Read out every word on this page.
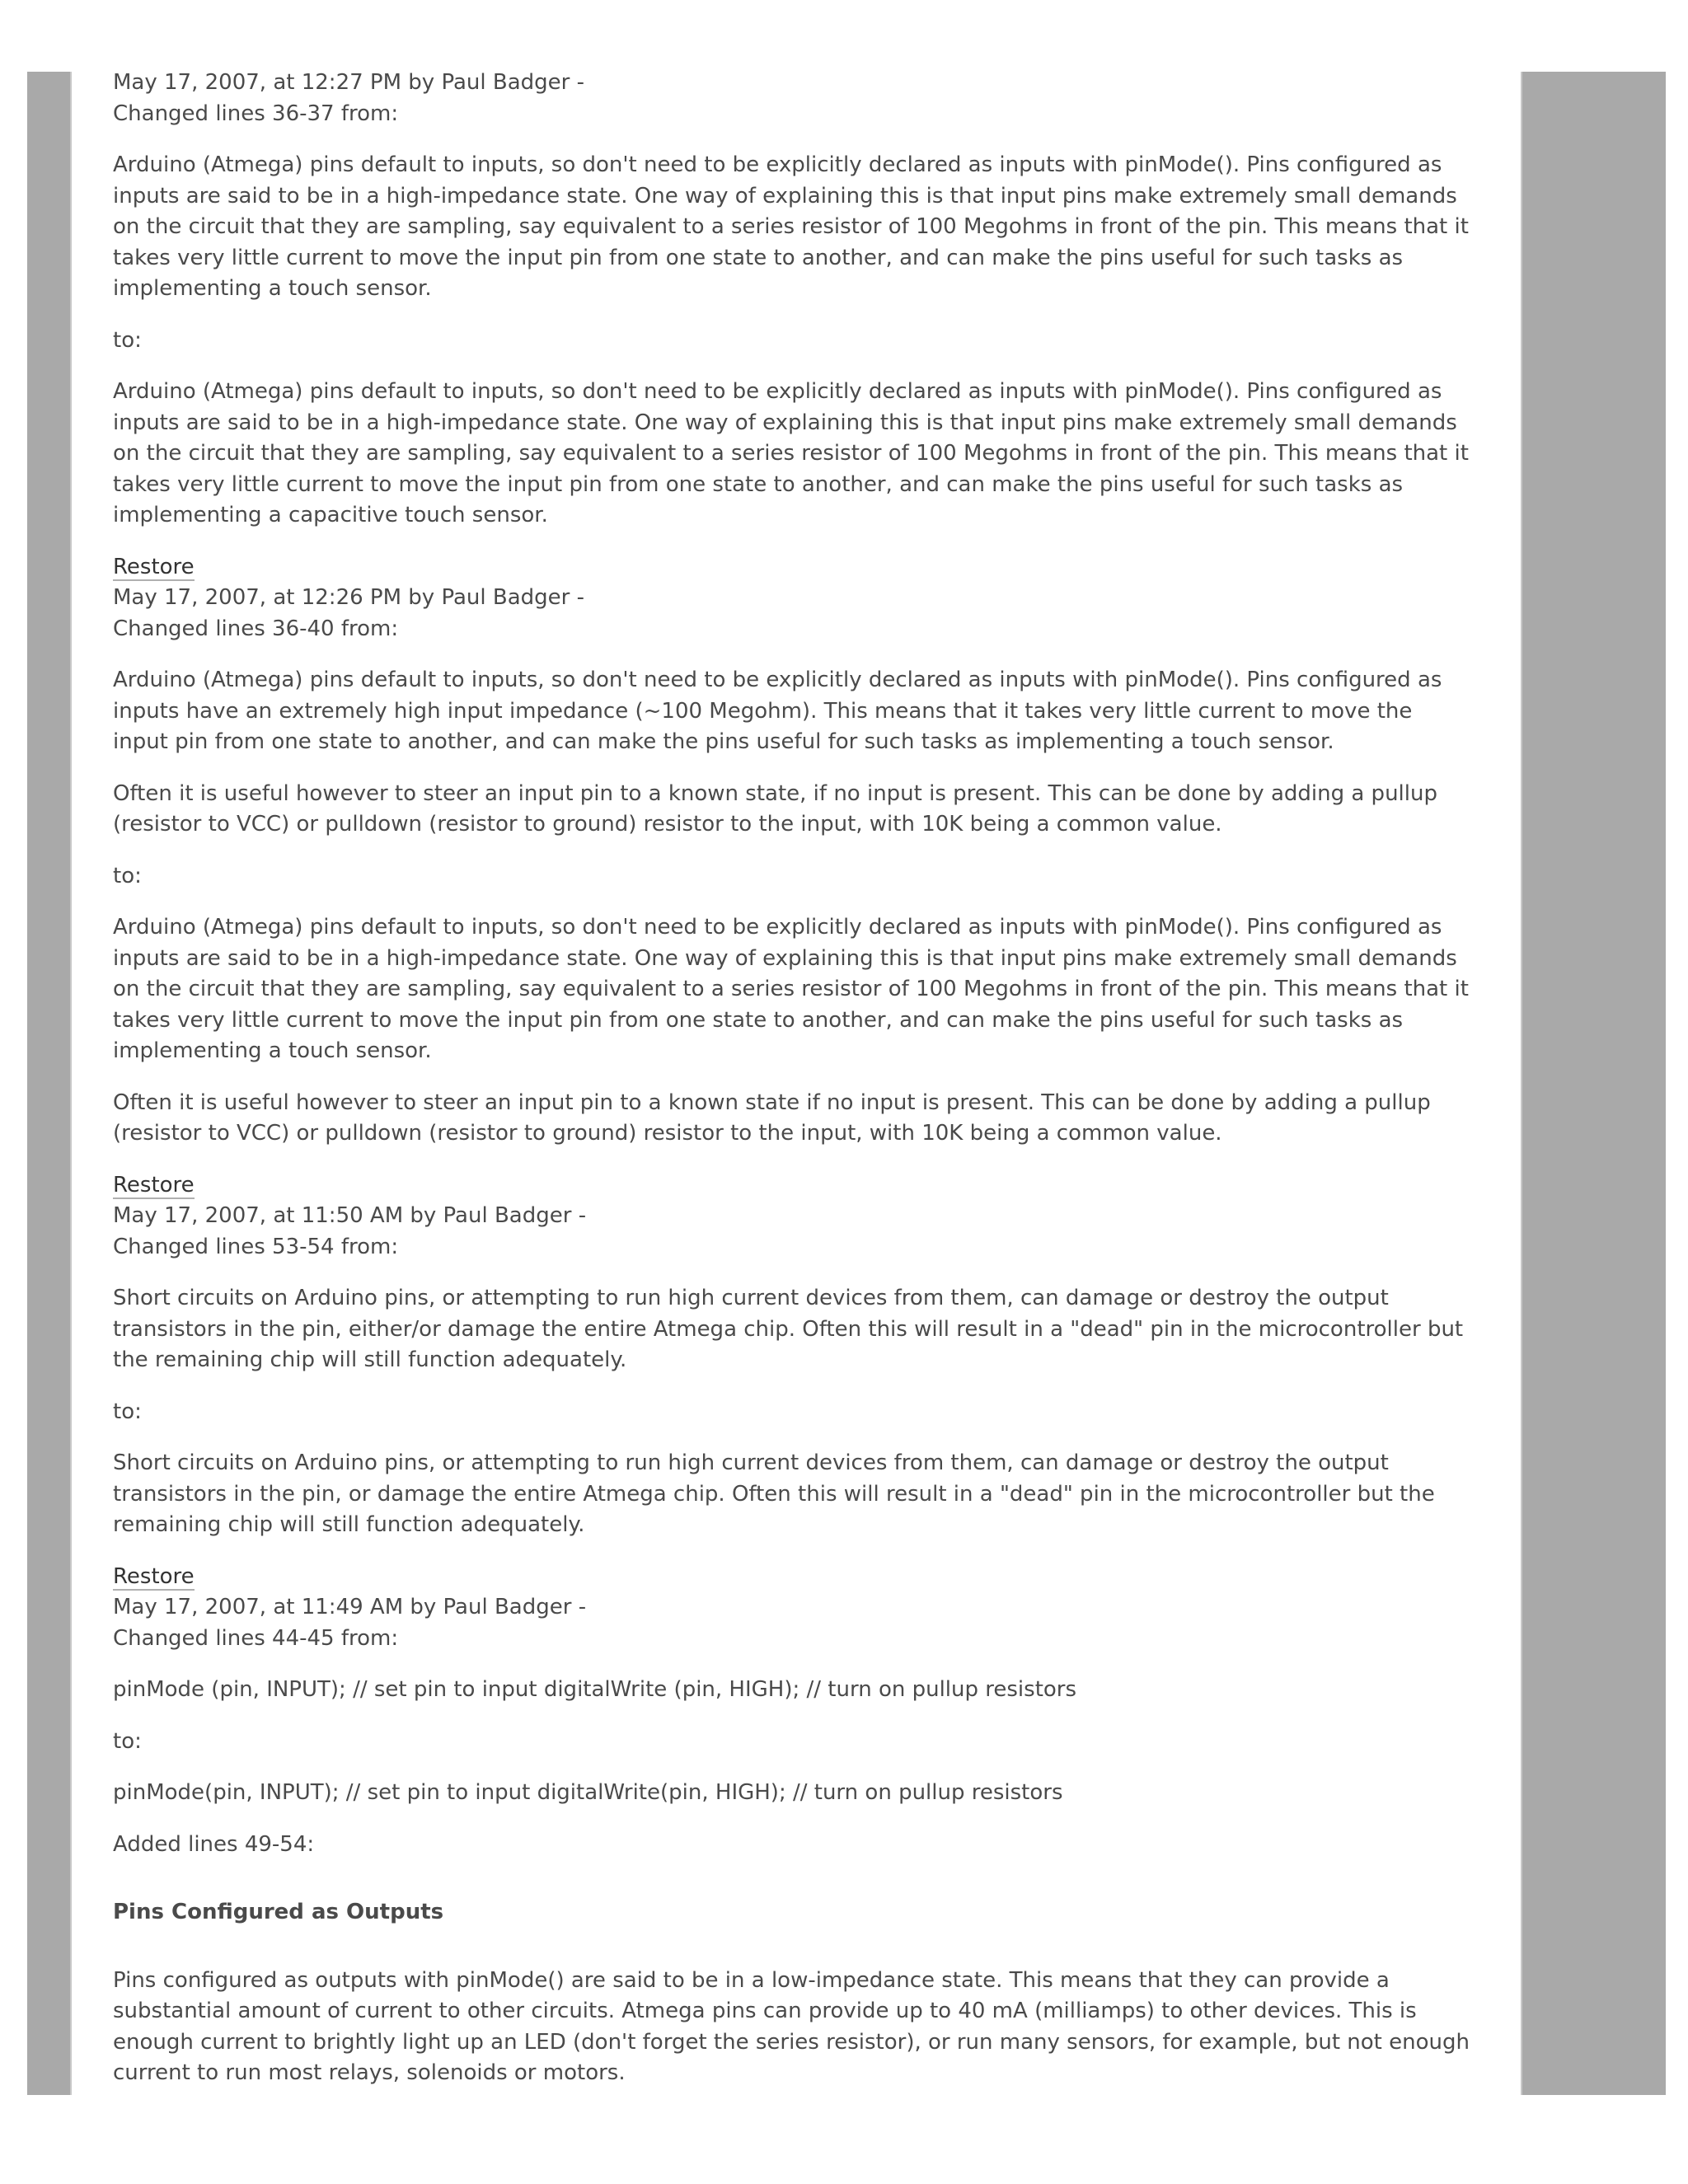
May 17, 2007, at 12:27 PM by Paul Badger -
Changed lines 36-37 from:

Arduino (Atmega) pins default to inputs, so don't need to be explicitly declared as inputs with pinMode(). Pins configured as inputs are said to be in a high-impedance state. One way of explaining this is that input pins make extremely small demands on the circuit that they are sampling, say equivalent to a series resistor of 100 Megohms in front of the pin. This means that it takes very little current to move the input pin from one state to another, and can make the pins useful for such tasks as implementing a touch sensor.

to:

Arduino (Atmega) pins default to inputs, so don't need to be explicitly declared as inputs with pinMode(). Pins configured as inputs are said to be in a high-impedance state. One way of explaining this is that input pins make extremely small demands on the circuit that they are sampling, say equivalent to a series resistor of 100 Megohms in front of the pin. This means that it takes very little current to move the input pin from one state to another, and can make the pins useful for such tasks as implementing a capacitive touch sensor.

Restore
May 17, 2007, at 12:26 PM by Paul Badger -
Changed lines 36-40 from:

Arduino (Atmega) pins default to inputs, so don't need to be explicitly declared as inputs with pinMode(). Pins configured as inputs have an extremely high input impedance (~100 Megohm). This means that it takes very little current to move the input pin from one state to another, and can make the pins useful for such tasks as implementing a touch sensor.

Often it is useful however to steer an input pin to a known state, if no input is present. This can be done by adding a pullup (resistor to VCC) or pulldown (resistor to ground) resistor to the input, with 10K being a common value.

to:

Arduino (Atmega) pins default to inputs, so don't need to be explicitly declared as inputs with pinMode(). Pins configured as inputs are said to be in a high-impedance state. One way of explaining this is that input pins make extremely small demands on the circuit that they are sampling, say equivalent to a series resistor of 100 Megohms in front of the pin. This means that it takes very little current to move the input pin from one state to another, and can make the pins useful for such tasks as implementing a touch sensor.

Often it is useful however to steer an input pin to a known state if no input is present. This can be done by adding a pullup (resistor to VCC) or pulldown (resistor to ground) resistor to the input, with 10K being a common value.

Restore
May 17, 2007, at 11:50 AM by Paul Badger -
Changed lines 53-54 from:

Short circuits on Arduino pins, or attempting to run high current devices from them, can damage or destroy the output transistors in the pin, either/or damage the entire Atmega chip. Often this will result in a "dead" pin in the microcontroller but the remaining chip will still function adequately.

to:

Short circuits on Arduino pins, or attempting to run high current devices from them, can damage or destroy the output transistors in the pin, or damage the entire Atmega chip. Often this will result in a "dead" pin in the microcontroller but the remaining chip will still function adequately.

Restore
May 17, 2007, at 11:49 AM by Paul Badger -
Changed lines 44-45 from:

pinMode (pin, INPUT); // set pin to input digitalWrite (pin, HIGH); // turn on pullup resistors

to:

pinMode(pin, INPUT); // set pin to input digitalWrite(pin, HIGH); // turn on pullup resistors

Added lines 49-54:

Pins Configured as Outputs

Pins configured as outputs with pinMode() are said to be in a low-impedance state. This means that they can provide a substantial amount of current to other circuits. Atmega pins can provide up to 40 mA (milliamps) to other devices. This is enough current to brightly light up an LED (don't forget the series resistor), or run many sensors, for example, but not enough current to run most relays, solenoids or motors.
